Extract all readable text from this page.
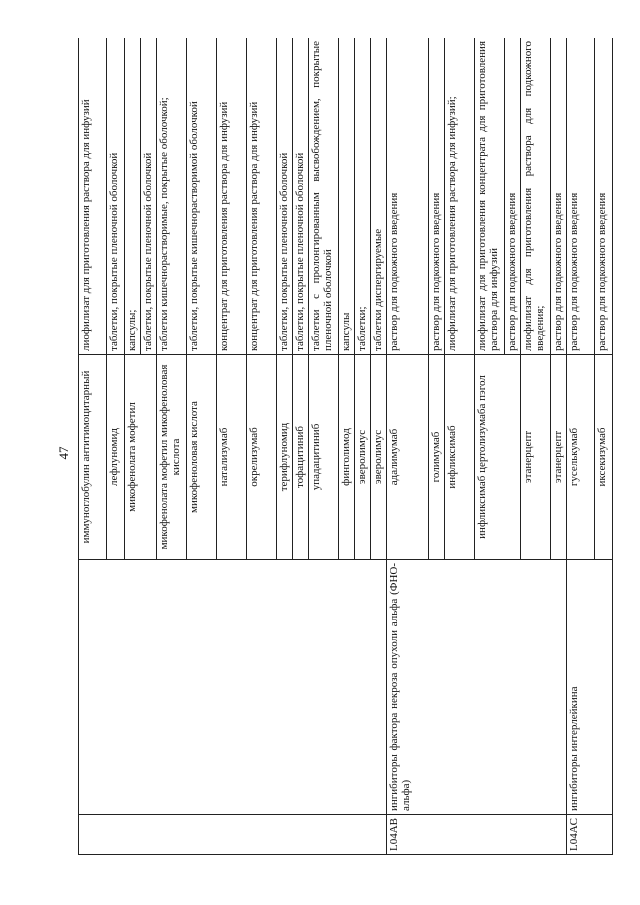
47
		иммуноглобулин антитимоцитарный	лиофилизат для приготовления раствора для инфузий
		лефлуномид	таблетки, покрытые пленочной оболочкой
		микофенолата мофетил	капсулы;
			таблетки, покрытые пленочной оболочкой
		микофенолата мофетил микофеноловая кислота	таблетки кишечнорастворимые, покрытые оболочкой;
		микофеноловая кислота	таблетки, покрытые кишечнорастворимой оболочкой
		натализумаб	концентрат для приготовления раствора для инфузий
		окрелизумаб	концентрат для приготовления раствора для инфузий
		терифлуномид	таблетки, покрытые пленочной оболочкой
		тофацитиниб	таблетки, покрытые пленочной оболочкой
		упадацитиниб	таблетки с пролонгированным высвобождением, покрытые пленочной оболочкой
		финголимод	капсулы
		эверолимус	таблетки;
		эверолимус	таблетки диспергируемые
L04AB	ингибиторы фактора некроза опухоли альфа (ФНО-альфа)	адалимумаб	раствор для подкожного введения
		голимумаб	раствор для подкожного введения
		инфликсимаб	лиофилизат для приготовления раствора для инфузий;
		инфликсимаб цертолизумаба пэгол	лиофилизат для приготовления концентрата для приготовления раствора для инфузий
			раствор для подкожного введения
		этанерцепт	лиофилизат для приготовления раствора для подкожного введения;
		этанерцепт	раствор для подкожного введения
L04AC	ингибиторы интерлейкина	гуселькумаб	раствор для подкожного введения
		иксекизумаб	раствор для подкожного введения
